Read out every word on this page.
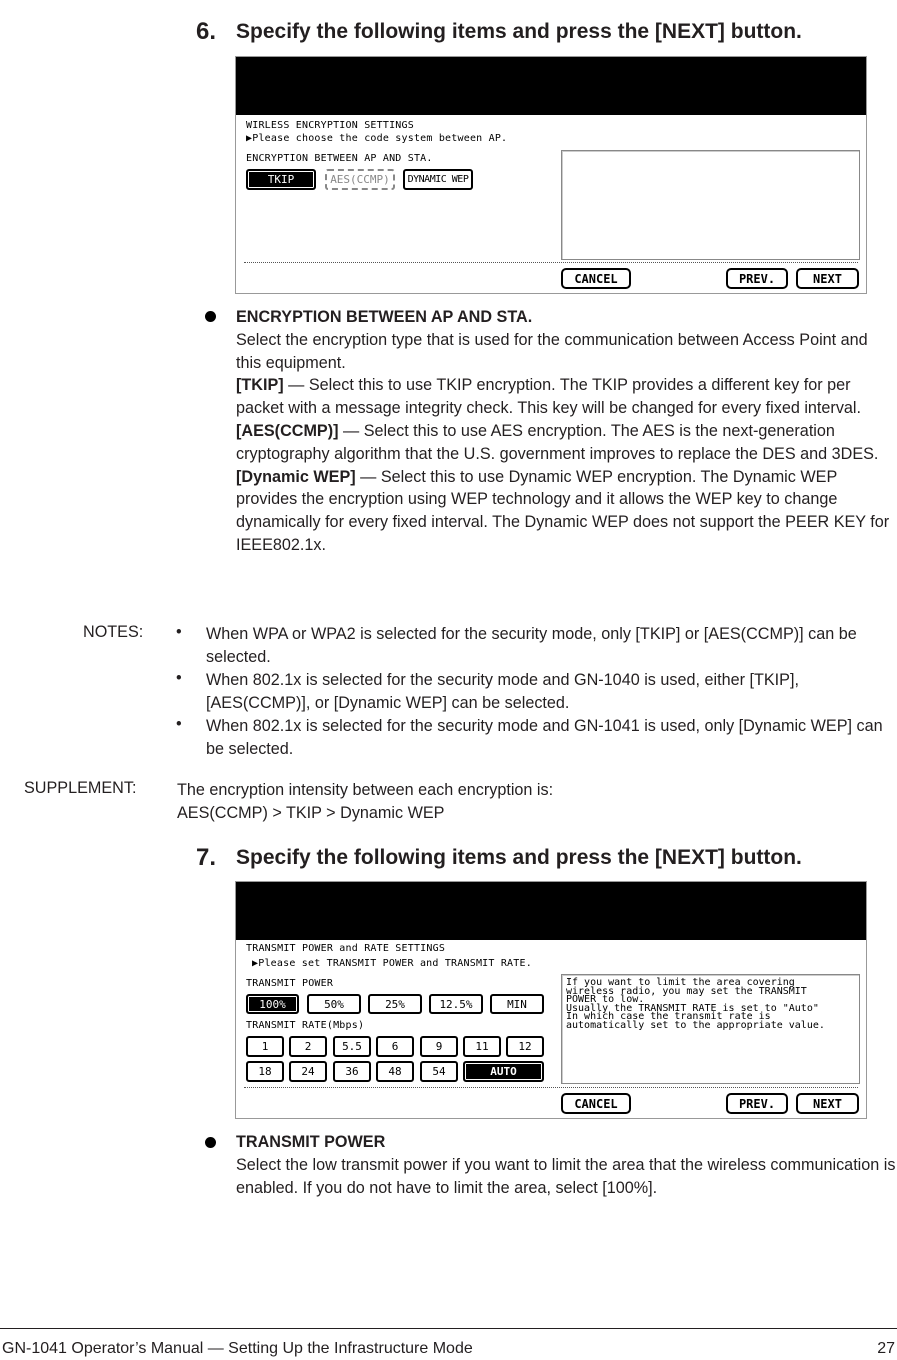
6. Specify the following items and press the [NEXT] button.
WIRLESS ENCRYPTION SETTINGS
▶Please choose the code system between AP.
ENCRYPTION BETWEEN AP AND STA.
TKIP	AES(CCMP)	DYNAMIC WEP
CANCEL	PREV.	NEXT
ENCRYPTION BETWEEN AP AND STA.
Select the encryption type that is used for the communication between Access Point and this equipment.
[TKIP] — Select this to use TKIP encryption. The TKIP provides a different key for per packet with a message integrity check. This key will be changed for every fixed interval.
[AES(CCMP)] — Select this to use AES encryption. The AES is the next-generation cryptography algorithm that the U.S. government improves to replace the DES and 3DES.
[Dynamic WEP] — Select this to use Dynamic WEP encryption. The Dynamic WEP provides the encryption using WEP technology and it allows the WEP key to change dynamically for every fixed interval. The Dynamic WEP does not support the PEER KEY for IEEE802.1x.
NOTES: • When WPA or WPA2 is selected for the security mode, only [TKIP] or [AES(CCMP)] can be selected.
• When 802.1x is selected for the security mode and GN-1040 is used, either [TKIP], [AES(CCMP)], or [Dynamic WEP] can be selected.
• When 802.1x is selected for the security mode and GN-1041 is used, only [Dynamic WEP] can be selected.
SUPPLEMENT:	The encryption intensity between each encryption is:
AES(CCMP) > TKIP > Dynamic WEP
7. Specify the following items and press the [NEXT] button.
TRANSMIT POWER and RATE SETTINGS
▶Please set TRANSMIT POWER and TRANSMIT RATE.
TRANSMIT POWER
100%	50%	25%	12.5%	MIN
TRANSMIT RATE(Mbps)
1	2	5.5	6	9	11	12
18	24	36	48	54	AUTO
If you want to limit the area covering
wireless radio, you may set the TRANSMIT
POWER to low.
Usually the TRANSMIT RATE is set to "Auto"
In which case the transmit rate is
automatically set to the appropriate value.
CANCEL	PREV.	NEXT
TRANSMIT POWER
Select the low transmit power if you want to limit the area that the wireless communication is enabled. If you do not have to limit the area, select [100%].
GN-1041 Operator’s Manual — Setting Up the Infrastructure Mode	27
